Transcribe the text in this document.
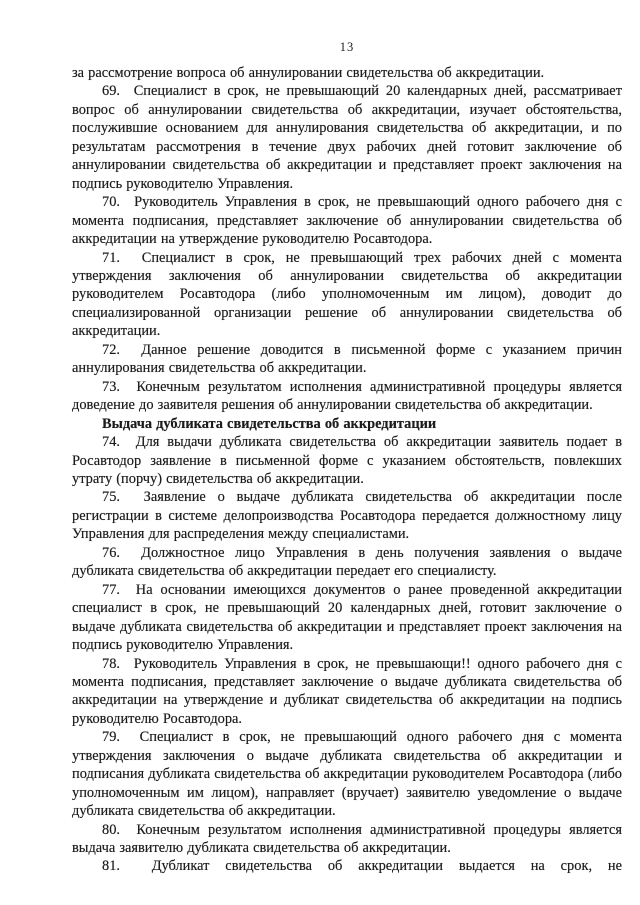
13

за рассмотрение вопроса об аннулировании свидетельства об аккредитации.

69.  Специалист в срок, не превышающий 20 календарных дней, рассматривает вопрос об аннулировании свидетельства об аккредитации, изучает обстоятельства, послужившие основанием для аннулирования свидетельства об аккредитации, и по результатам рассмотрения в течение двух рабочих дней готовит заключение об аннулировании свидетельства об аккредитации и представляет проект заключения на подпись руководителю Управления.

70.  Руководитель Управления в срок, не превышающий одного рабочего дня с момента подписания, представляет заключение об аннулировании свидетельства об аккредитации на утверждение руководителю Росавтодора.

71.  Специалист в срок, не превышающий трех рабочих дней с момента утверждения заключения об аннулировании свидетельства об аккредитации руководителем Росавтодора (либо уполномоченным им лицом), доводит до специализированной организации решение об аннулировании свидетельства об аккредитации.

72.  Данное решение доводится в письменной форме с указанием причин аннулирования свидетельства об аккредитации.

73.  Конечным результатом исполнения административной процедуры является доведение до заявителя решения об аннулировании свидетельства об аккредитации.

Выдача дубликата свидетельства об аккредитации

74.  Для выдачи дубликата свидетельства об аккредитации заявитель подает в Росавтодор заявление в письменной форме с указанием обстоятельств, повлекших утрату (порчу) свидетельства об аккредитации.

75.  Заявление о выдаче дубликата свидетельства об аккредитации после регистрации в системе делопроизводства Росавтодора передается должностному лицу Управления для распределения между специалистами.

76.  Должностное лицо Управления в день получения заявления о выдаче дубликата свидетельства об аккредитации передает его специалисту.

77.  На основании имеющихся документов о ранее проведенной аккредитации специалист в срок, не превышающий 20 календарных дней, готовит заключение о выдаче дубликата свидетельства об аккредитации и представляет проект заключения на подпись руководителю Управления.

78.  Руководитель Управления в срок, не превышающи!! одного рабочего дня с момента подписания, представляет заключение о выдаче дубликата свидетельства об аккредитации на утверждение и дубликат свидетельства об аккредитации на подпись руководителю Росавтодора.

79.  Специалист в срок, не превышающий одного рабочего дня с момента утверждения заключения о выдаче дубликата свидетельства об аккредитации и подписания дубликата свидетельства об аккредитации руководителем Росавтодора (либо уполномоченным им лицом), направляет (вручает) заявителю уведомление о выдаче дубликата свидетельства об аккредитации.

80.  Конечным результатом исполнения административной процедуры является выдача заявителю дубликата свидетельства об аккредитации.

81.  Дубликат свидетельства об аккредитации выдается на срок, не
